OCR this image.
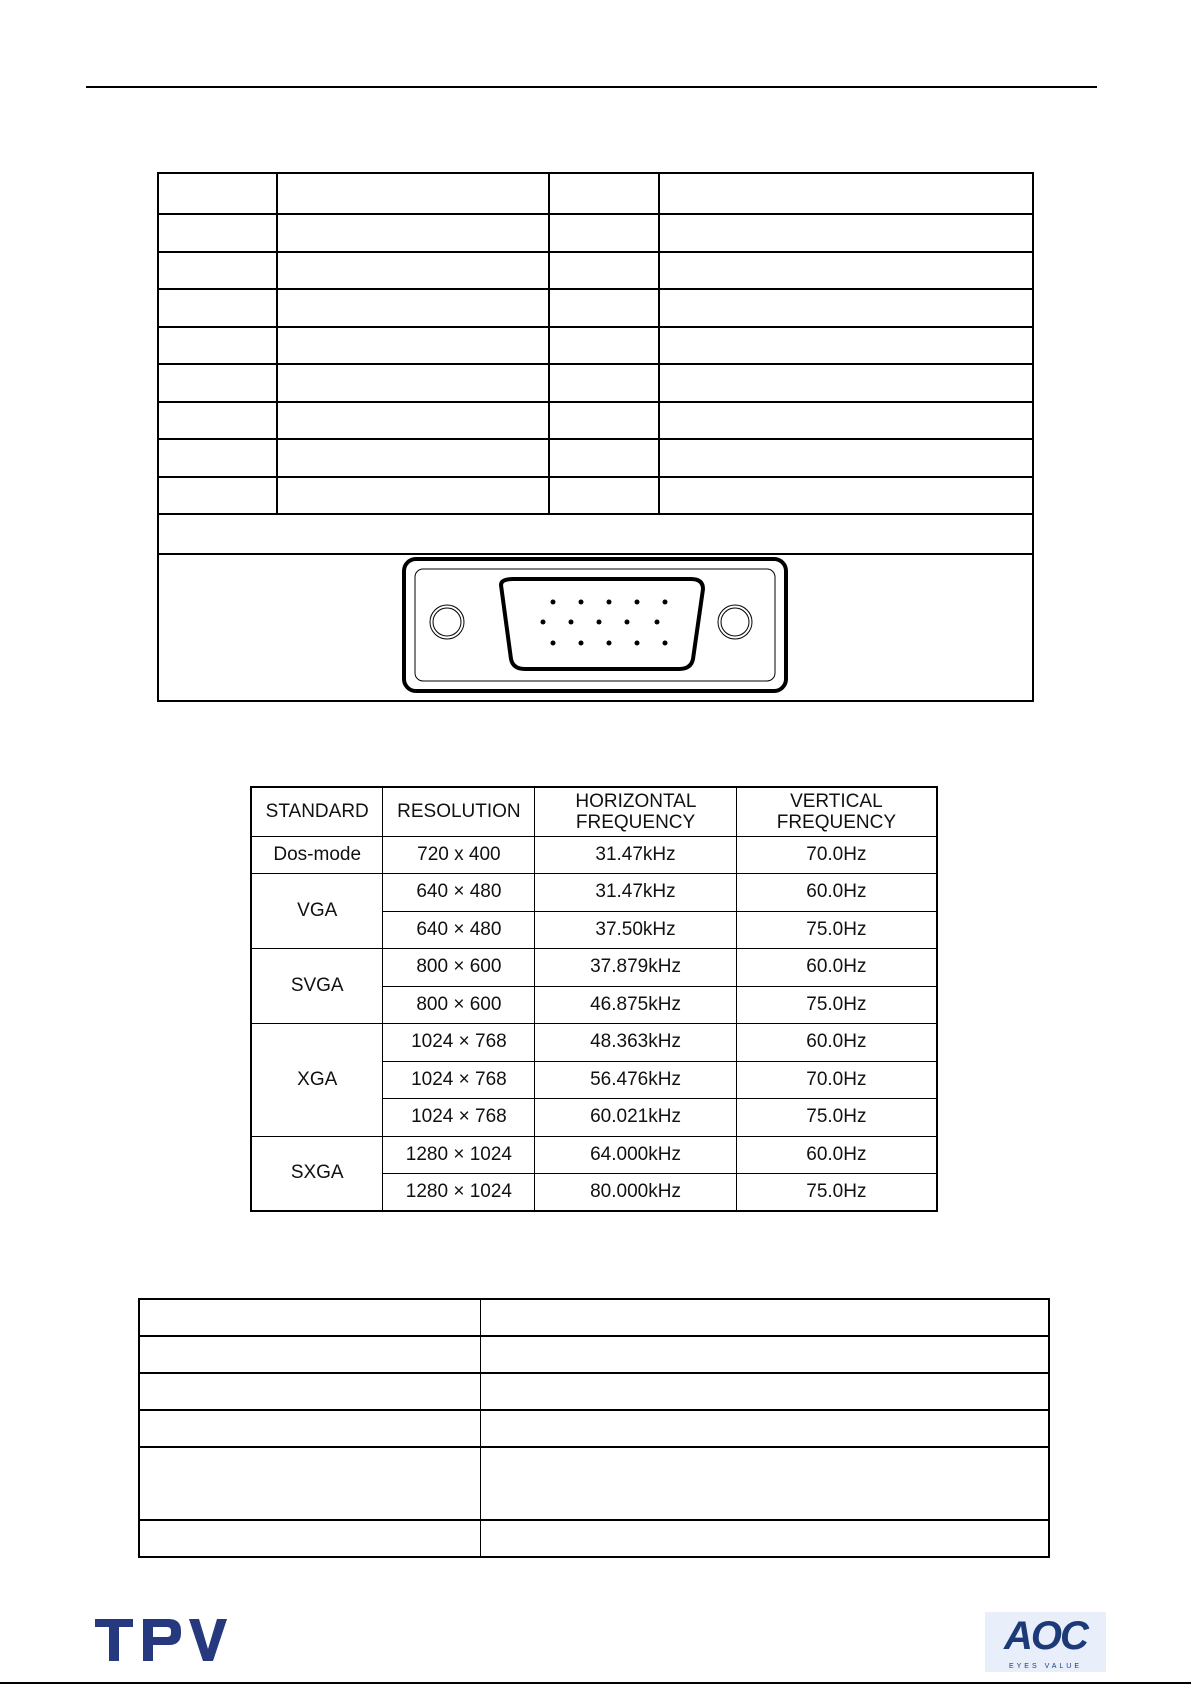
STANDARD	RESOLUTION	HORIZONTAL FREQUENCY	VERTICAL FREQUENCY
Dos-mode	720 x 400	31.47kHz	70.0Hz
VGA	640 × 480	31.47kHz	60.0Hz
	640 × 480	37.50kHz	75.0Hz
SVGA	800 × 600	37.879kHz	60.0Hz
	800 × 600	46.875kHz	75.0Hz
XGA	1024 × 768	48.363kHz	60.0Hz
	1024 × 768	56.476kHz	70.0Hz
	1024 × 768	60.021kHz	75.0Hz
SXGA	1280 × 1024	64.000kHz	60.0Hz
	1280 × 1024	80.000kHz	75.0Hz

AOC
EYES VALUE
